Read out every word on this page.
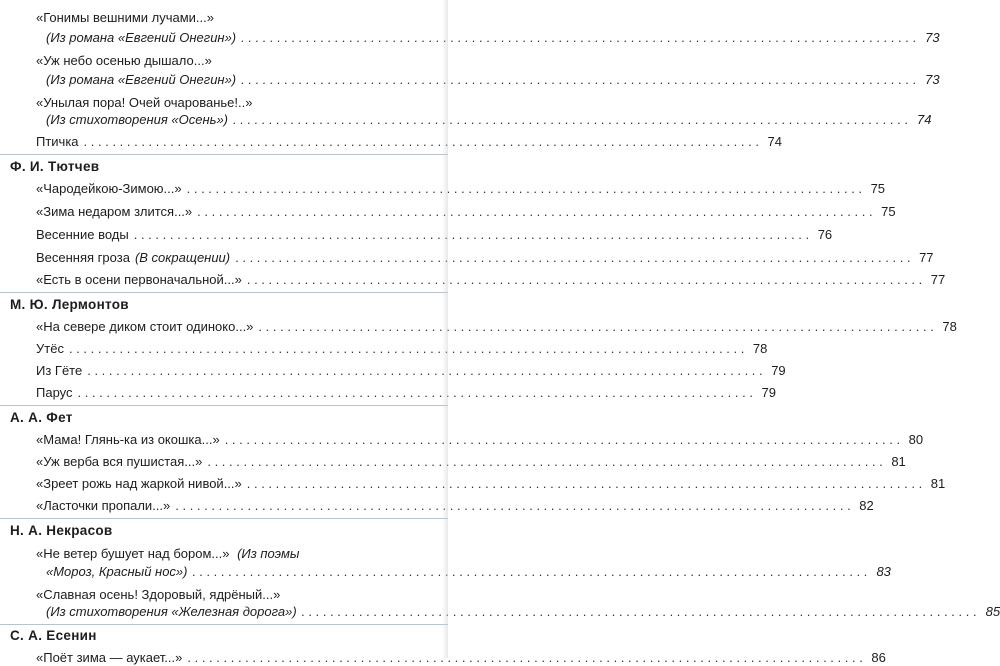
«Гонимы вешними лучами...»
(Из романа «Евгений Онегин») . . .	73
«Уж небо осенью дышало...»
(Из романа «Евгений Онегин») . . .	73
«Унылая пора! Очей очарованье!..»
(Из стихотворения «Осень») . . .	74
Птичка . . .	74
Ф. И. Тютчев
«Чародейкою-Зимою...» . . .	75
«Зима недаром злится...» . . .	75
Весенние воды . . .	76
Весенняя гроза (В сокращении) . . .	77
«Есть в осени первоначальной...» . . .	77
М. Ю. Лермонтов
«На севере диком стоит одиноко...» . . .	78
Утёс . . .	78
Из Гёте . . .	79
Парус . . .	79
А. А. Фет
«Мама! Глянь-ка из окошка...» . . .	80
«Уж верба вся пушистая...» . . .	81
«Зреет рожь над жаркой нивой...» . . .	81
«Ласточки пропали...» . . .	82
Н. А. Некрасов
«Не ветер бушует над бором...» (Из поэмы
«Мороз, Красный нос») . . .	83
«Славная осень! Здоровый, ядрёный...»
(Из стихотворения «Железная дорога») . . .	85
С. А. Есенин
«Поёт зима — аукает...» . . .	86
